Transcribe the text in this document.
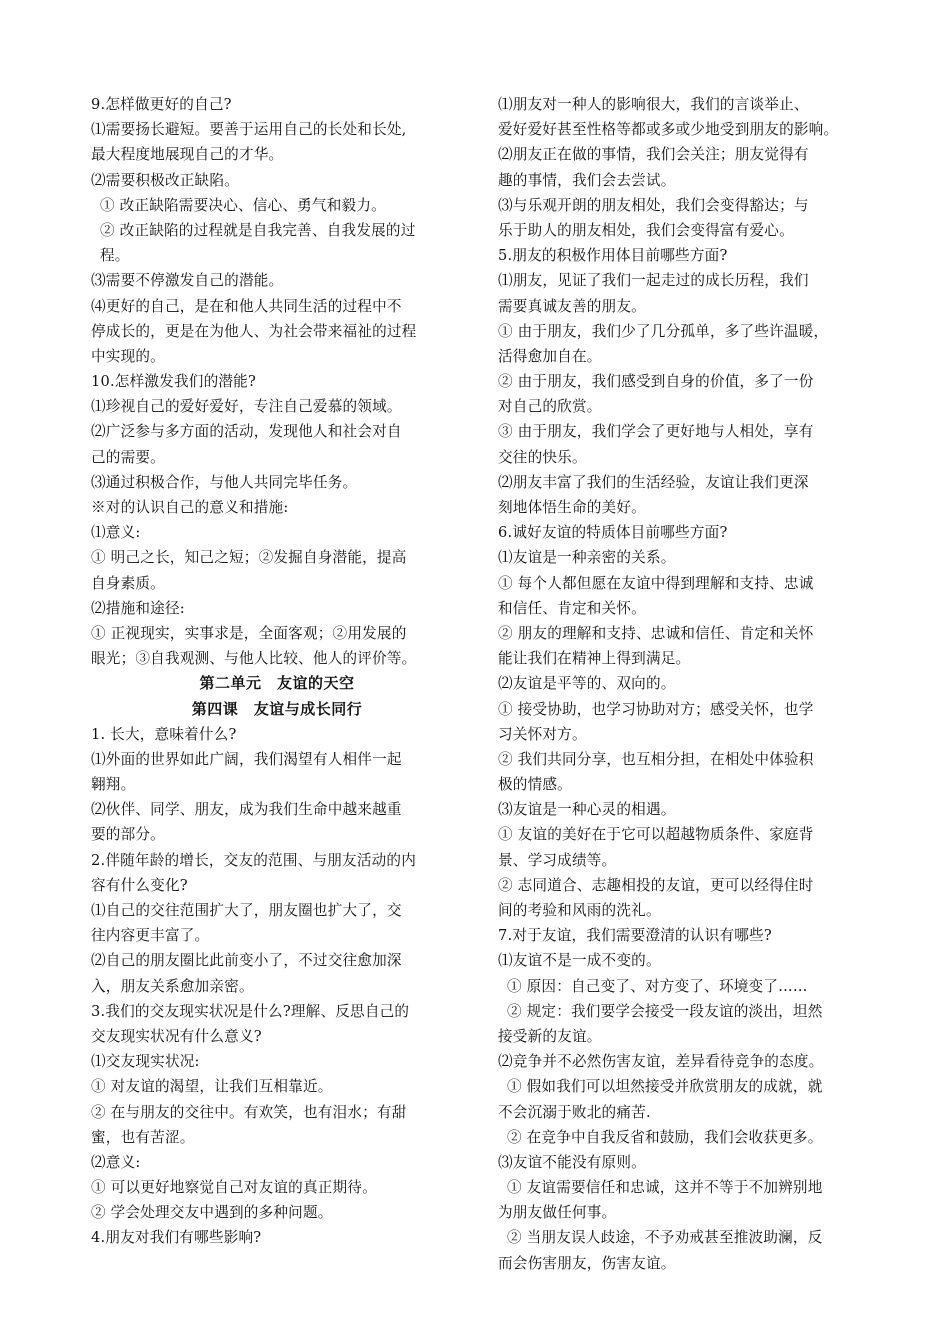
9.怎样做更好的自己?
⑴需要扬长避短。要善于运用自己的长处和长处,
最大程度地展现自己的才华。
⑵需要积极改正缺陷。
① 改正缺陷需要决心、信心、勇气和毅力。
② 改正缺陷的过程就是自我完善、自我发展的过
程。
⑶需要不停激发自己的潜能。
⑷更好的自己，是在和他人共同生活的过程中不
停成长的，更是在为他人、为社会带来福祉的过程
中实现的。
10.怎样激发我们的潜能?
⑴珍视自己的爱好爱好，专注自己爱慕的领域。
⑵广泛参与多方面的活动，发现他人和社会对自
己的需要。
⑶通过积极合作，与他人共同完毕任务。
※对的认识自己的意义和措施:
⑴意义:
① 明己之长，知己之短；②发掘自身潜能，提高
自身素质。
⑵措施和途径:
① 正视现实，实事求是，全面客观；②用发展的
眼光；③自我观测、与他人比较、他人的评价等。
第二单元　友谊的天空
第四课　友谊与成长同行
1. 长大，意味着什么?
⑴外面的世界如此广阔，我们渴望有人相伴一起
翱翔。
⑵伙伴、同学、朋友，成为我们生命中越来越重
要的部分。
2.伴随年龄的增长，交友的范围、与朋友活动的内
容有什么变化?
⑴自己的交往范围扩大了，朋友圈也扩大了，交
往内容更丰富了。
⑵自己的朋友圈比此前变小了，不过交往愈加深
入，朋友关系愈加亲密。
3.我们的交友现实状况是什么?理解、反思自己的
交友现实状况有什么意义?
⑴交友现实状况:
① 对友谊的渴望，让我们互相靠近。
② 在与朋友的交往中。有欢笑，也有泪水；有甜
蜜，也有苦涩。
⑵意义:
① 可以更好地察觉自己对友谊的真正期待。
② 学会处理交友中遇到的多种问题。
4.朋友对我们有哪些影响?
⑴朋友对一种人的影响很大，我们的言谈举止、
爱好爱好甚至性格等都或多或少地受到朋友的影响。
⑵朋友正在做的事情，我们会关注；朋友觉得有
趣的事情，我们会去尝试。
⑶与乐观开朗的朋友相处，我们会变得豁达；与
乐于助人的朋友相处，我们会变得富有爱心。
5.朋友的积极作用体目前哪些方面?
⑴朋友，见证了我们一起走过的成长历程，我们
需要真诚友善的朋友。
① 由于朋友，我们少了几分孤单，多了些许温暖，
活得愈加自在。
② 由于朋友，我们感受到自身的价值，多了一份
对自己的欣赏。
③ 由于朋友，我们学会了更好地与人相处，享有
交往的快乐。
⑵朋友丰富了我们的生活经验，友谊让我们更深
刻地体悟生命的美好。
6.诚好友谊的特质体目前哪些方面?
⑴友谊是一种亲密的关系。
① 每个人都但愿在友谊中得到理解和支持、忠诚
和信任、肯定和关怀。
② 朋友的理解和支持、忠诚和信任、肯定和关怀
能让我们在精神上得到满足。
⑵友谊是平等的、双向的。
① 接受协助，也学习协助对方；感受关怀，也学
习关怀对方。
② 我们共同分享，也互相分担，在相处中体验积
极的情感。
⑶友谊是一种心灵的相遇。
① 友谊的美好在于它可以超越物质条件、家庭背
景、学习成绩等。
② 志同道合、志趣相投的友谊，更可以经得住时
间的考验和风雨的洗礼。
7.对于友谊，我们需要澄清的认识有哪些?
⑴友谊不是一成不变的。
① 原因：自己变了、对方变了、环境变了……
② 规定：我们要学会接受一段友谊的淡出，坦然
接受新的友谊。
⑵竞争并不必然伤害友谊，差异看待竞争的态度。
① 假如我们可以坦然接受并欣赏朋友的成就，就
不会沉溺于败北的痛苦.
② 在竞争中自我反省和鼓励，我们会收获更多。
⑶友谊不能没有原则。
① 友谊需要信任和忠诚，这并不等于不加辨别地
为朋友做任何事。
② 当朋友误人歧途，不予劝戒甚至推波助澜，反
而会伤害朋友，伤害友谊。
